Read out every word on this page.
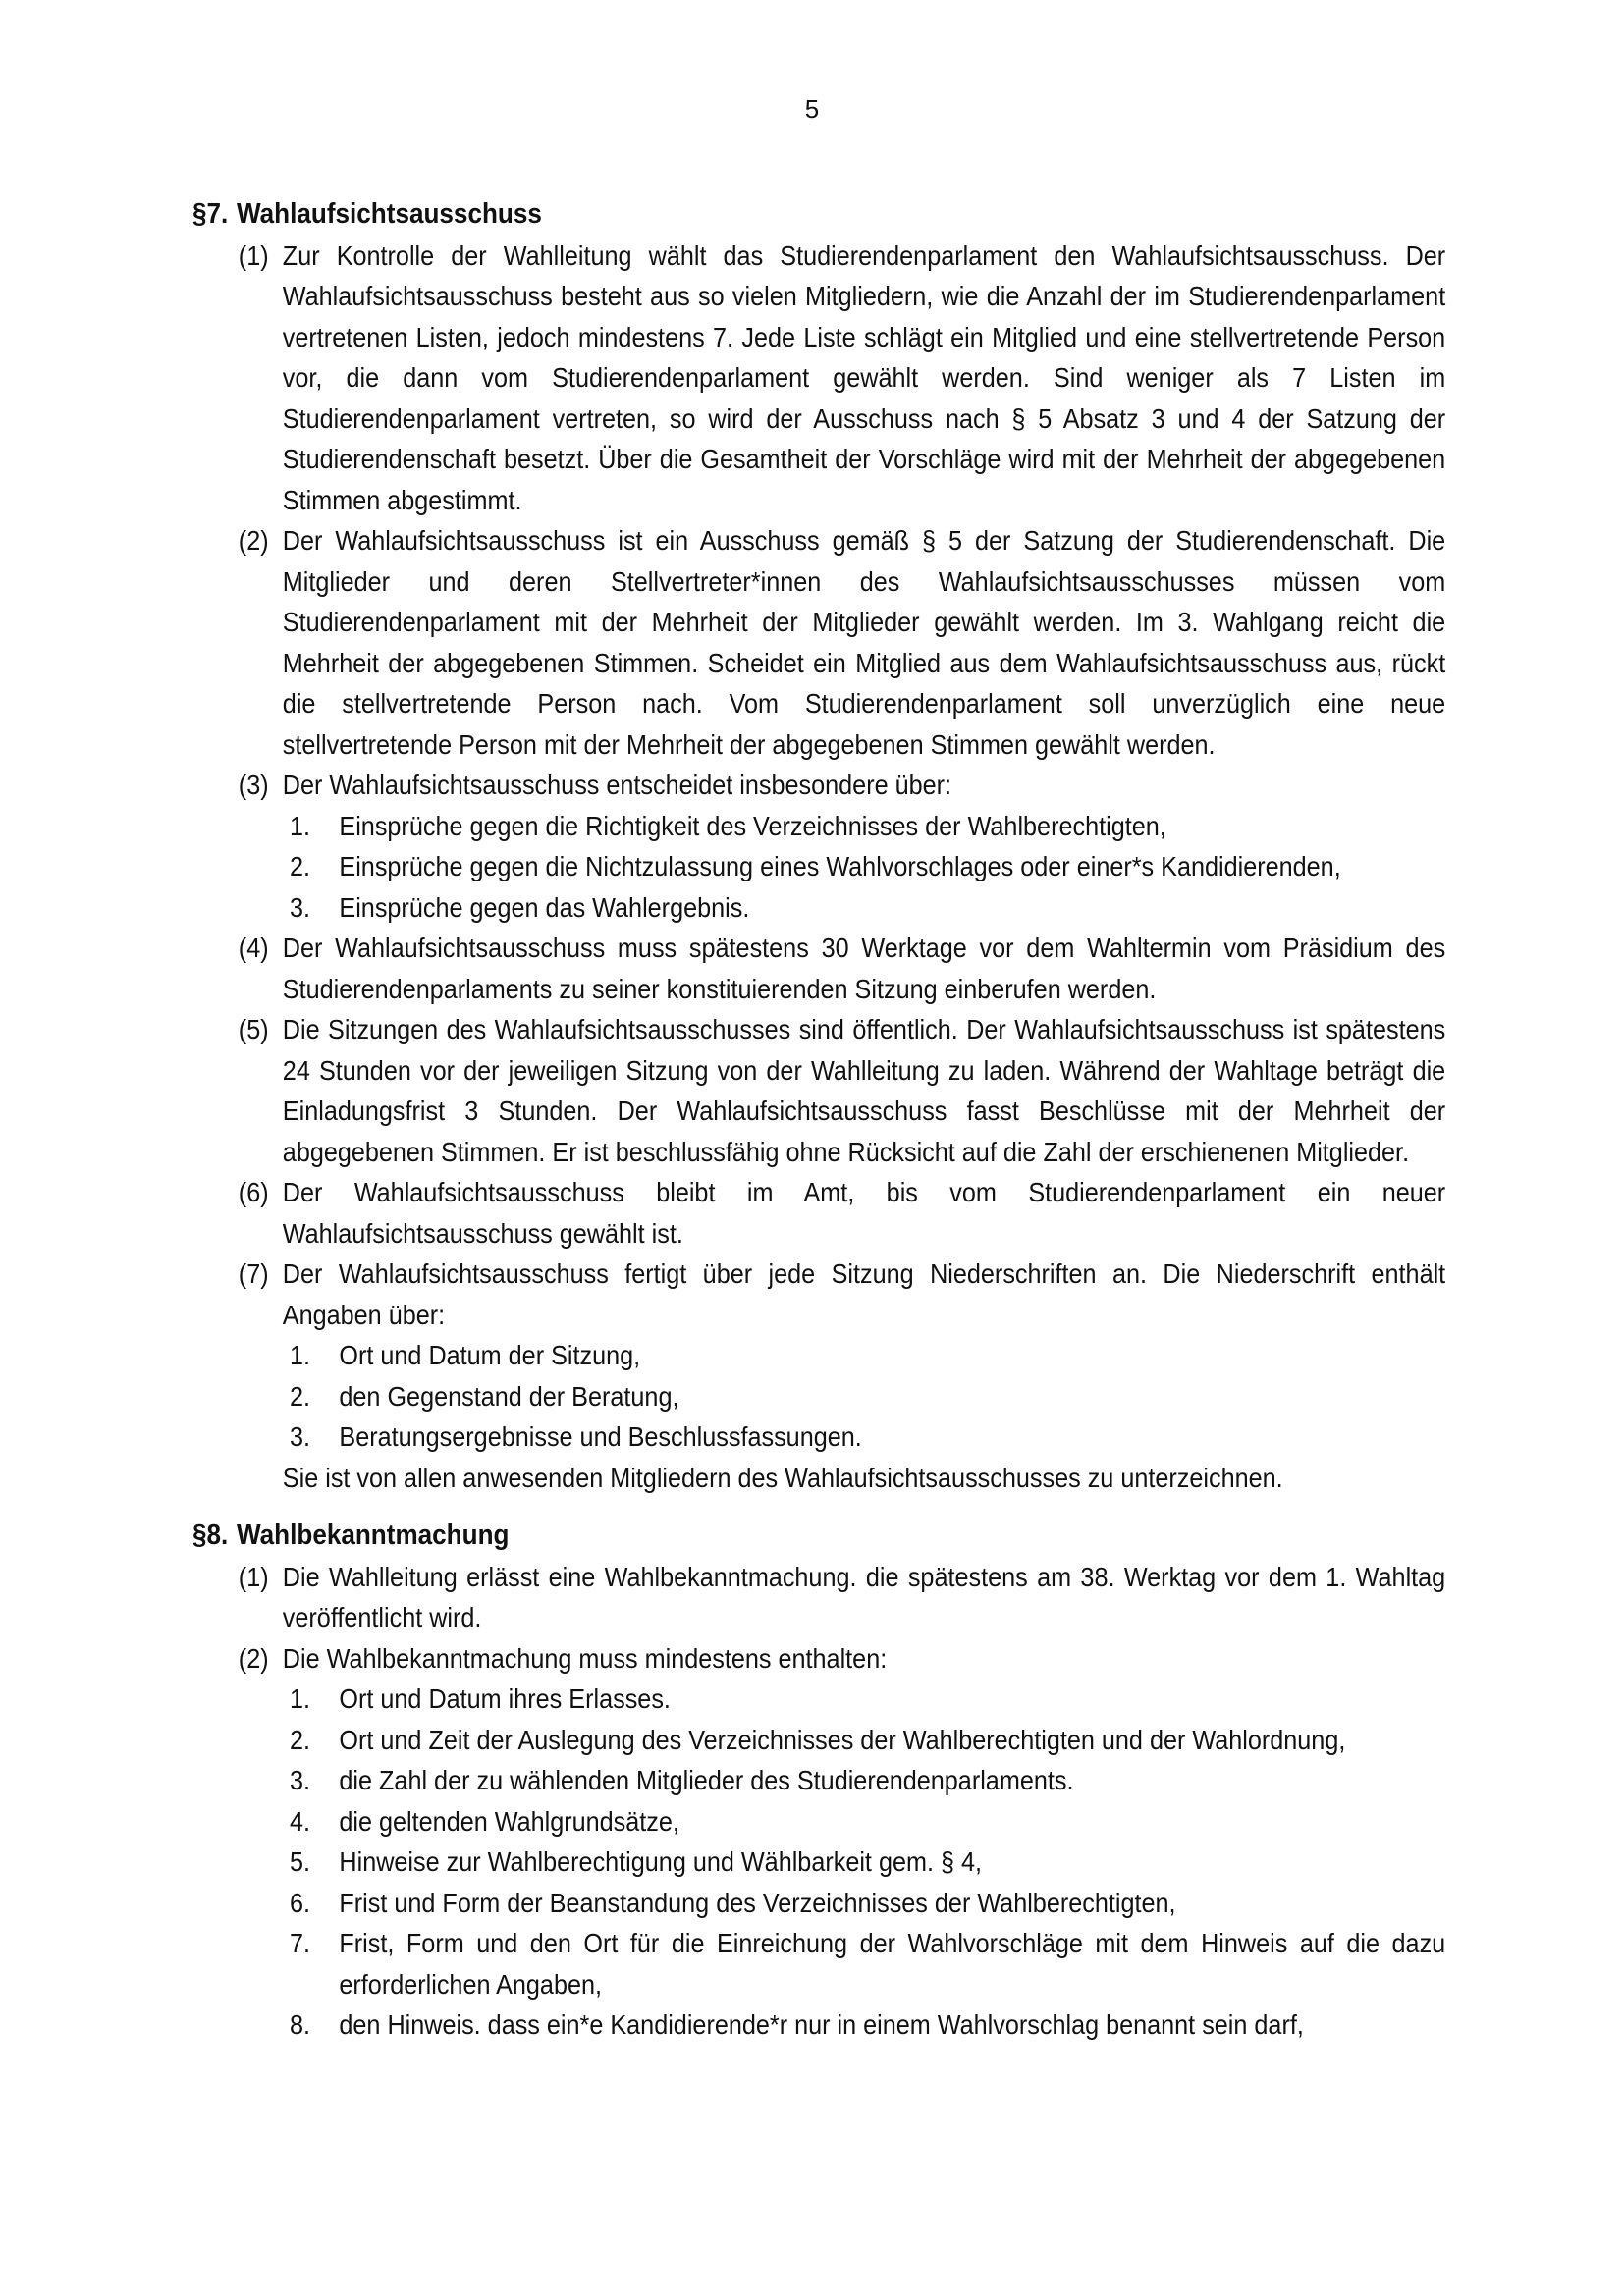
5
§7. Wahlaufsichtsausschuss
(1) Zur Kontrolle der Wahlleitung wählt das Studierendenparlament den Wahlaufsichtsausschuss. Der Wahlaufsichtsausschuss besteht aus so vielen Mitgliedern, wie die Anzahl der im Studierendenparlament vertretenen Listen, jedoch mindestens 7. Jede Liste schlägt ein Mitglied und eine stellvertretende Person vor, die dann vom Studierendenparlament gewählt werden. Sind weniger als 7 Listen im Studierendenparlament vertreten, so wird der Ausschuss nach § 5 Absatz 3 und 4 der Satzung der Studierendenschaft besetzt. Über die Gesamtheit der Vorschläge wird mit der Mehrheit der abgegebenen Stimmen abgestimmt.
(2) Der Wahlaufsichtsausschuss ist ein Ausschuss gemäß § 5 der Satzung der Studierendenschaft. Die Mitglieder und deren Stellvertreter*innen des Wahlaufsichtsausschusses müssen vom Studierendenparlament mit der Mehrheit der Mitglieder gewählt werden. Im 3. Wahlgang reicht die Mehrheit der abgegebenen Stimmen. Scheidet ein Mitglied aus dem Wahlaufsichtsausschuss aus, rückt die stellvertretende Person nach. Vom Studierendenparlament soll unverzüglich eine neue stellvertretende Person mit der Mehrheit der abgegebenen Stimmen gewählt werden.
(3) Der Wahlaufsichtsausschuss entscheidet insbesondere über:
1.	Einsprüche gegen die Richtigkeit des Verzeichnisses der Wahlberechtigten,
2.	Einsprüche gegen die Nichtzulassung eines Wahlvorschlages oder einer*s Kandidierenden,
3.	Einsprüche gegen das Wahlergebnis.
(4) Der Wahlaufsichtsausschuss muss spätestens 30 Werktage vor dem Wahltermin vom Präsidium des Studierendenparlaments zu seiner konstituierenden Sitzung einberufen werden.
(5) Die Sitzungen des Wahlaufsichtsausschusses sind öffentlich. Der Wahlaufsichtsausschuss ist spätestens 24 Stunden vor der jeweiligen Sitzung von der Wahlleitung zu laden. Während der Wahltage beträgt die Einladungsfrist 3 Stunden. Der Wahlaufsichtsausschuss fasst Beschlüsse mit der Mehrheit der abgegebenen Stimmen. Er ist beschlussfähig ohne Rücksicht auf die Zahl der erschienenen Mitglieder.
(6) Der Wahlaufsichtsausschuss bleibt im Amt, bis vom Studierendenparlament ein neuer Wahlaufsichtsausschuss gewählt ist.
(7) Der Wahlaufsichtsausschuss fertigt über jede Sitzung Niederschriften an. Die Niederschrift enthält Angaben über:
1.	Ort und Datum der Sitzung,
2.	den Gegenstand der Beratung,
3.	Beratungsergebnisse und Beschlussfassungen.
Sie ist von allen anwesenden Mitgliedern des Wahlaufsichtsausschusses zu unterzeichnen.
§8. Wahlbekanntmachung
(1) Die Wahlleitung erlässt eine Wahlbekanntmachung. die spätestens am 38. Werktag vor dem 1. Wahltag veröffentlicht wird.
(2) Die Wahlbekanntmachung muss mindestens enthalten:
1.	Ort und Datum ihres Erlasses.
2.	Ort und Zeit der Auslegung des Verzeichnisses der Wahlberechtigten und der Wahlordnung,
3.	die Zahl der zu wählenden Mitglieder des Studierendenparlaments.
4.	die geltenden Wahlgrundsätze,
5.	Hinweise zur Wahlberechtigung und Wählbarkeit gem. § 4,
6.	Frist und Form der Beanstandung des Verzeichnisses der Wahlberechtigten,
7.	Frist, Form und den Ort für die Einreichung der Wahlvorschläge mit dem Hinweis auf die dazu erforderlichen Angaben,
8.	den Hinweis. dass ein*e Kandidierende*r nur in einem Wahlvorschlag benannt sein darf,
